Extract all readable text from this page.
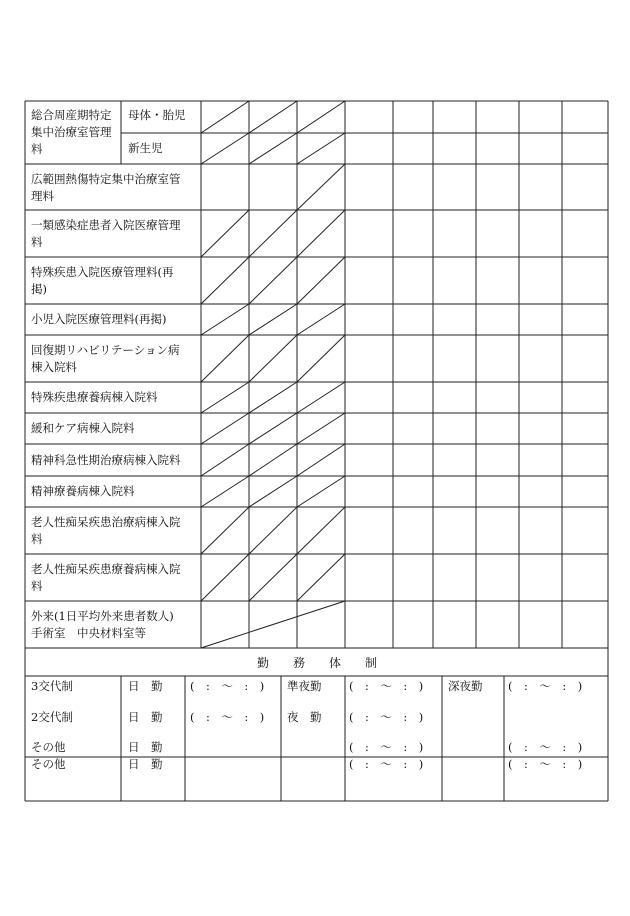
総合周産期特定
集中治療室管理
料
母体・胎児
新生児
広範囲熱傷特定集中治療室管
理料
一類感染症患者入院医療管理
料
特殊疾患入院医療管理料(再
掲)
小児入院医療管理料(再掲)
回復期リハビリテーション病
棟入院料
特殊疾患療養病棟入院料
緩和ケア病棟入院料
精神科急性期治療病棟入院料
精神療養病棟入院料
老人性痴呆疾患治療病棟入院
料
老人性痴呆疾患療養病棟入院
料
外来(1日平均外来患者数人)
手術室　中央材料室等
勤　　務　　体　　制
3交代制
2交代制
その他
その他
日　勤
日　勤
日　勤
日　勤
(　:　〜　:　)
(　:　〜　:　)
準夜勤
夜　勤
(　:　〜　:　)
(　:　〜　:　)
(　:　〜　:　)
(　:　〜　:　)
深夜勤 (　:　〜　:　)
(　:　〜　:　)
(　:　〜　:　)
